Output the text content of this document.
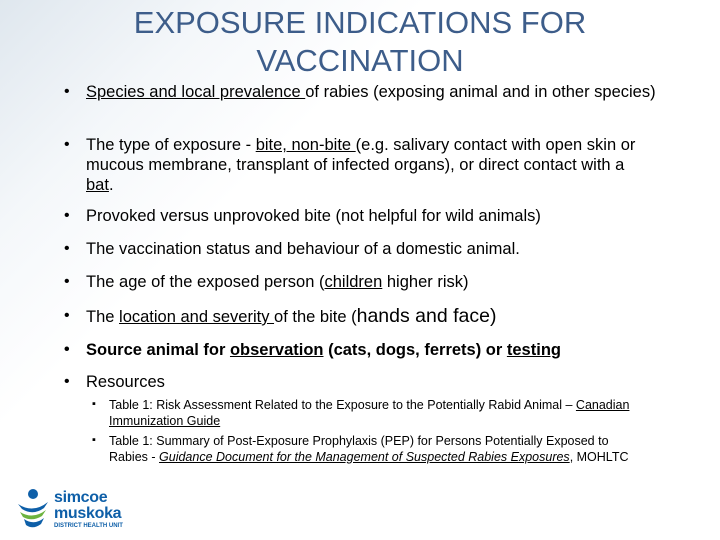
EXPOSURE INDICATIONS FOR VACCINATION
• Species and local prevalence of rabies (exposing animal and in other species)
• The type of exposure - bite, non-bite (e.g. salivary contact with open skin or mucous membrane, transplant of infected organs), or direct contact with a bat.
• Provoked versus unprovoked bite (not helpful for wild animals)
• The vaccination status and behaviour of a domestic animal.
• The age of the exposed person (children higher risk)
• The location and severity of the bite (hands and face)
• Source animal for observation (cats, dogs, ferrets) or testing
• Resources
▪ Table 1: Risk Assessment Related to the Exposure to the Potentially Rabid Animal – Canadian Immunization Guide
▪ Table 1: Summary of Post-Exposure Prophylaxis (PEP) for Persons Potentially Exposed to Rabies - Guidance Document for the Management of Suspected Rabies Exposures, MOHLTC
simcoe
muskoka
DISTRICT HEALTH UNIT
